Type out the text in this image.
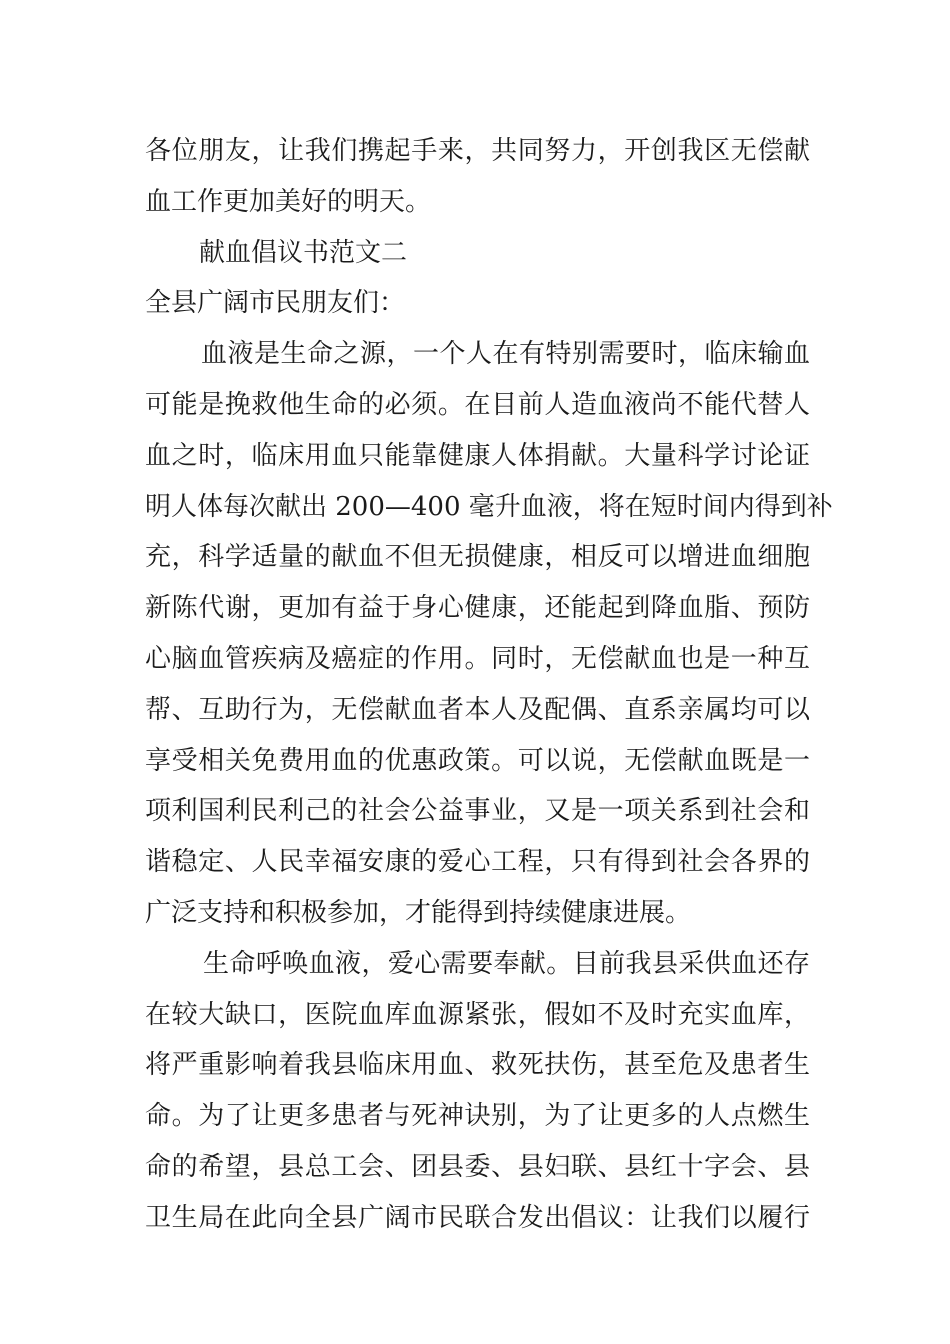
各位朋友，让我们携起手来，共同努力，开创我区无偿献
血工作更加美好的明天。
献血倡议书范文二
全县广阔市民朋友们：
血液是生命之源，一个人在有特别需要时，临床输血
可能是挽救他生命的必须。在目前人造血液尚不能代替人
血之时，临床用血只能靠健康人体捐献。大量科学讨论证
明人体每次献出 200—400 毫升血液，将在短时间内得到补
充，科学适量的献血不但无损健康，相反可以增进血细胞
新陈代谢，更加有益于身心健康，还能起到降血脂、预防
心脑血管疾病及癌症的作用。同时，无偿献血也是一种互
帮、互助行为，无偿献血者本人及配偶、直系亲属均可以
享受相关免费用血的优惠政策。可以说，无偿献血既是一
项利国利民利己的社会公益事业，又是一项关系到社会和
谐稳定、人民幸福安康的爱心工程，只有得到社会各界的
广泛支持和积极参加，才能得到持续健康进展。
生命呼唤血液，爱心需要奉献。目前我县采供血还存
在较大缺口，医院血库血源紧张，假如不及时充实血库，
将严重影响着我县临床用血、救死扶伤，甚至危及患者生
命。为了让更多患者与死神诀别，为了让更多的人点燃生
命的希望，县总工会、团县委、县妇联、县红十字会、县
卫生局在此向全县广阔市民联合发出倡议：让我们以履行
